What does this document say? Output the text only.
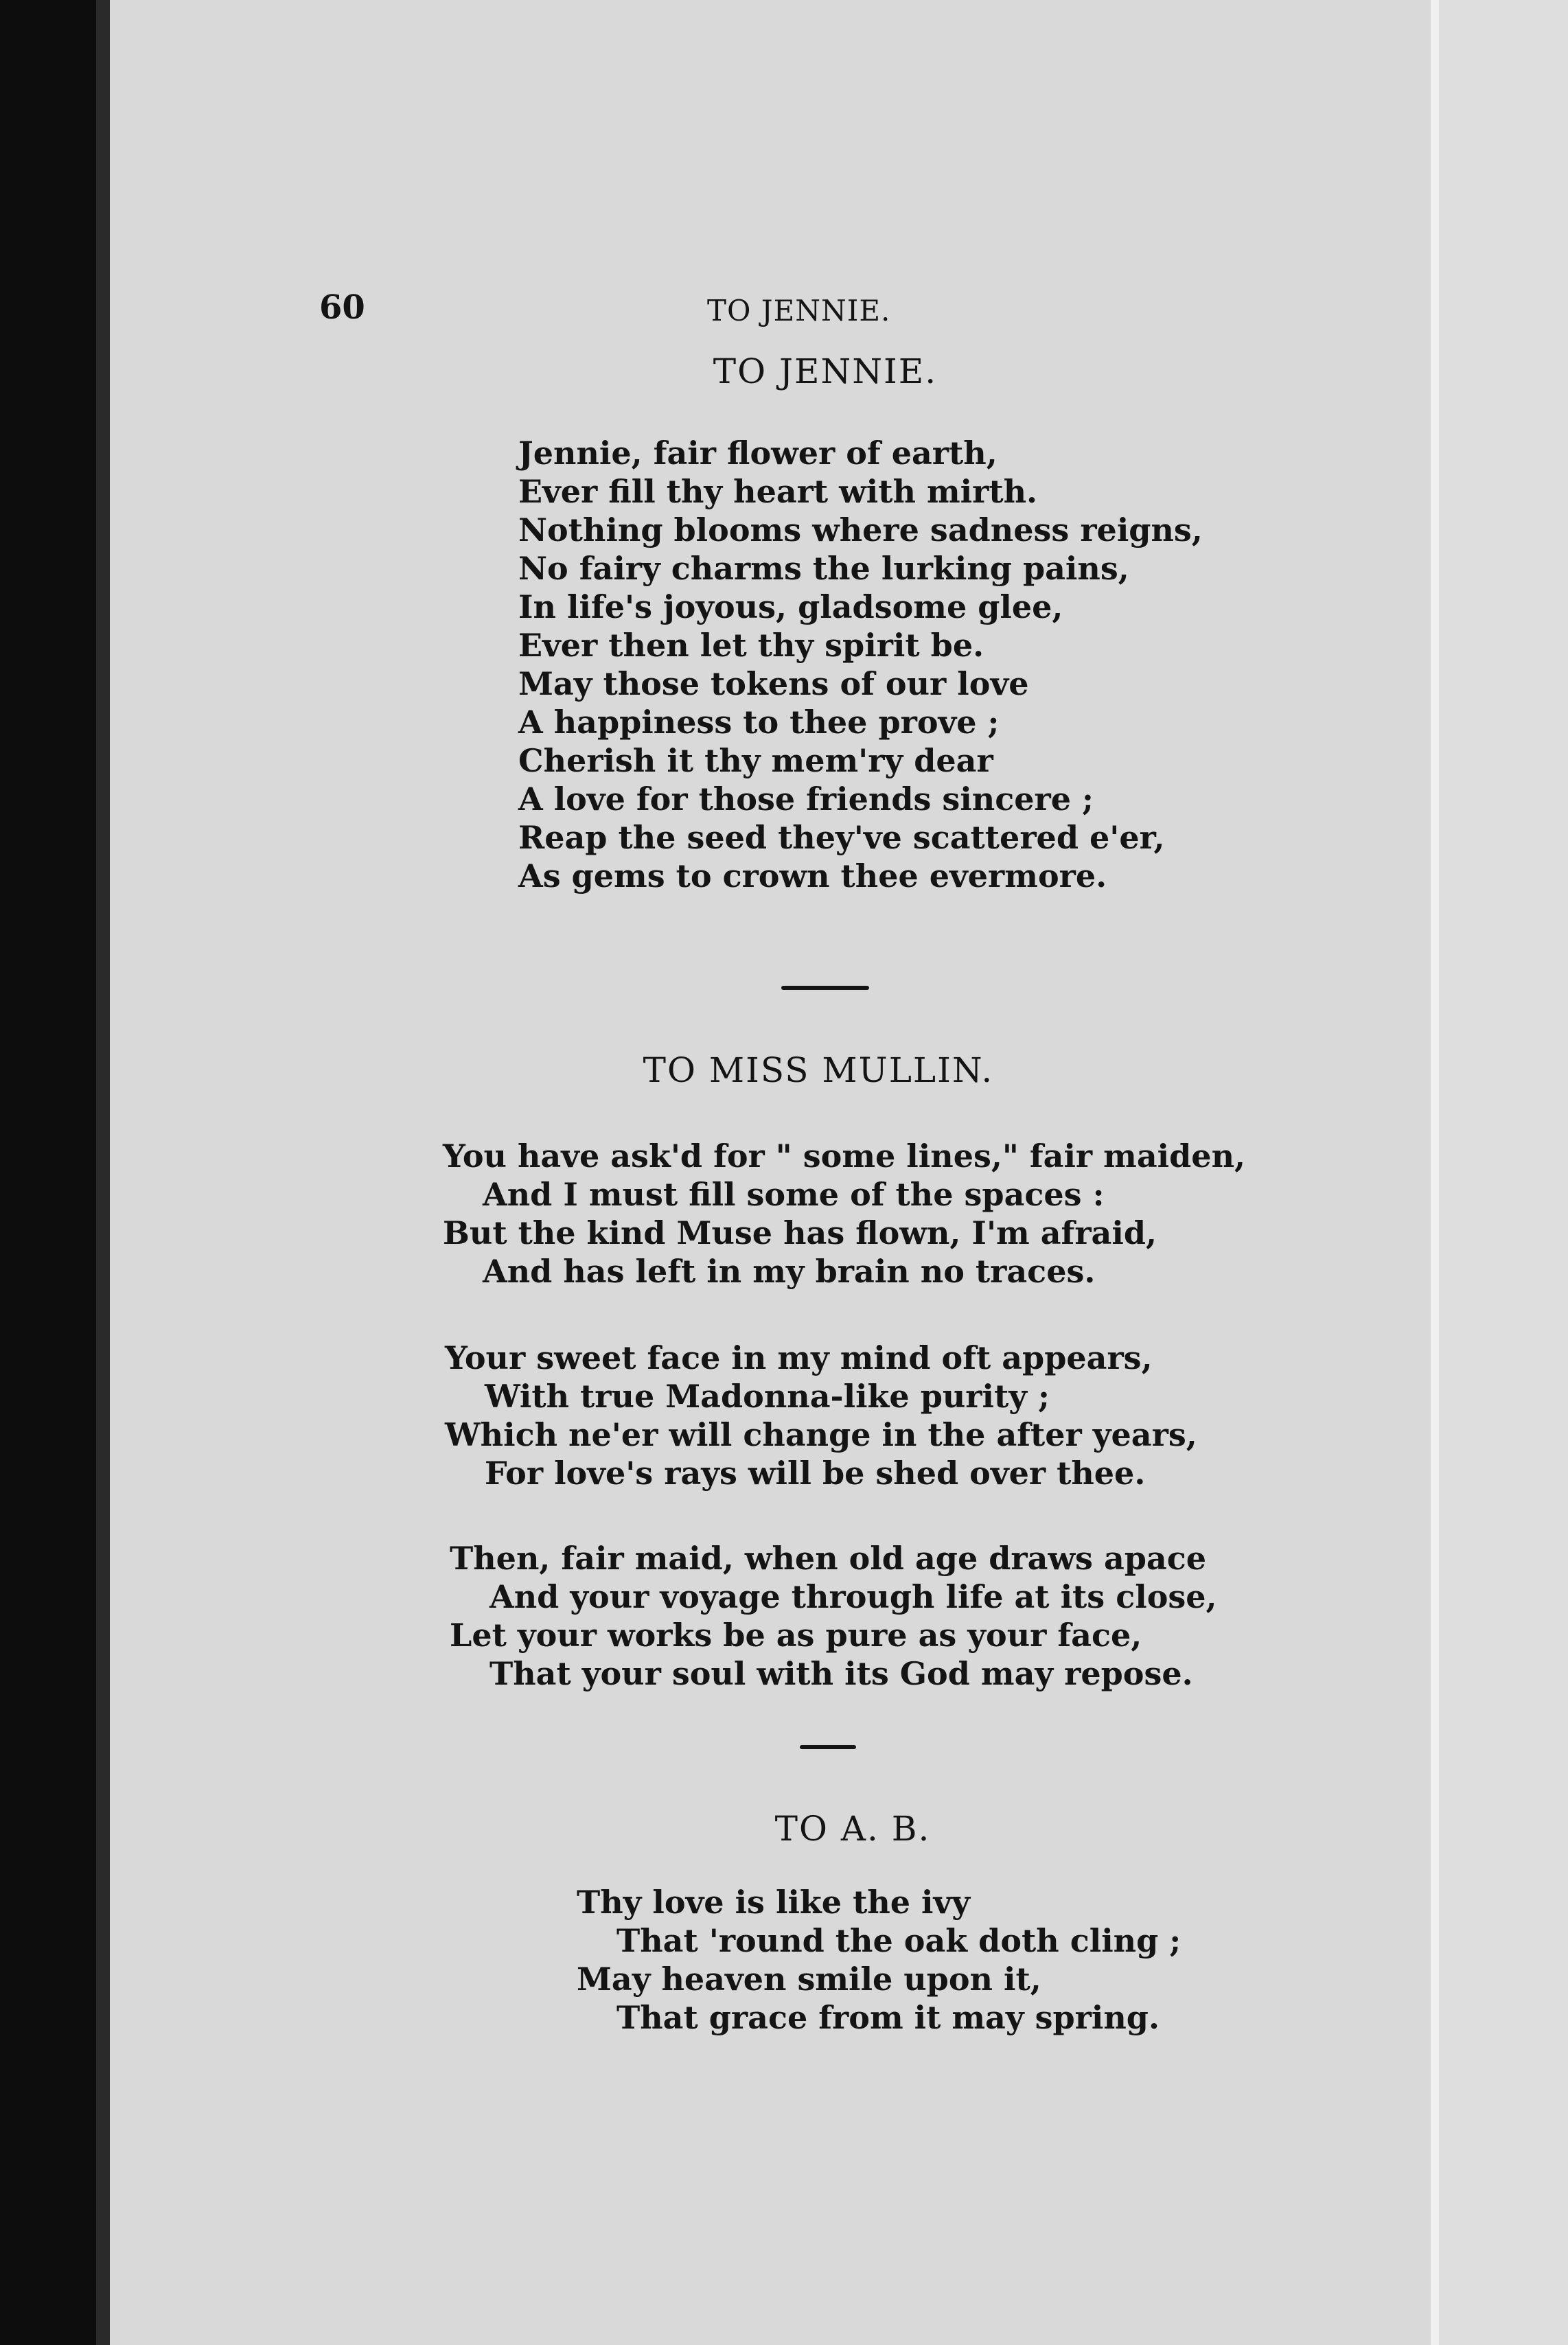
60	TO JENNIE.
TO JENNIE.
Jennie, fair flower of earth,
Ever fill thy heart with mirth.
Nothing blooms where sadness reigns,
No fairy charms the lurking pains,
In life's joyous, gladsome glee,
Ever then let thy spirit be.
May those tokens of our love
A happiness to thee prove ;
Cherish it thy mem'ry dear
A love for those friends sincere ;
Reap the seed they've scattered e'er,
As gems to crown thee evermore.
TO MISS MULLIN.
You have ask'd for " some lines," fair maiden,
And I must fill some of the spaces :
But the kind Muse has flown, I'm afraid,
And has left in my brain no traces.
Your sweet face in my mind oft appears,
With true Madonna-like purity ;
Which ne'er will change in the after years,
For love's rays will be shed over thee.
Then, fair maid, when old age draws apace
And your voyage through life at its close,
Let your works be as pure as your face,
That your soul with its God may repose.
TO A. B.
Thy love is like the ivy
That 'round the oak doth cling ;
May heaven smile upon it,
That grace from it may spring.
